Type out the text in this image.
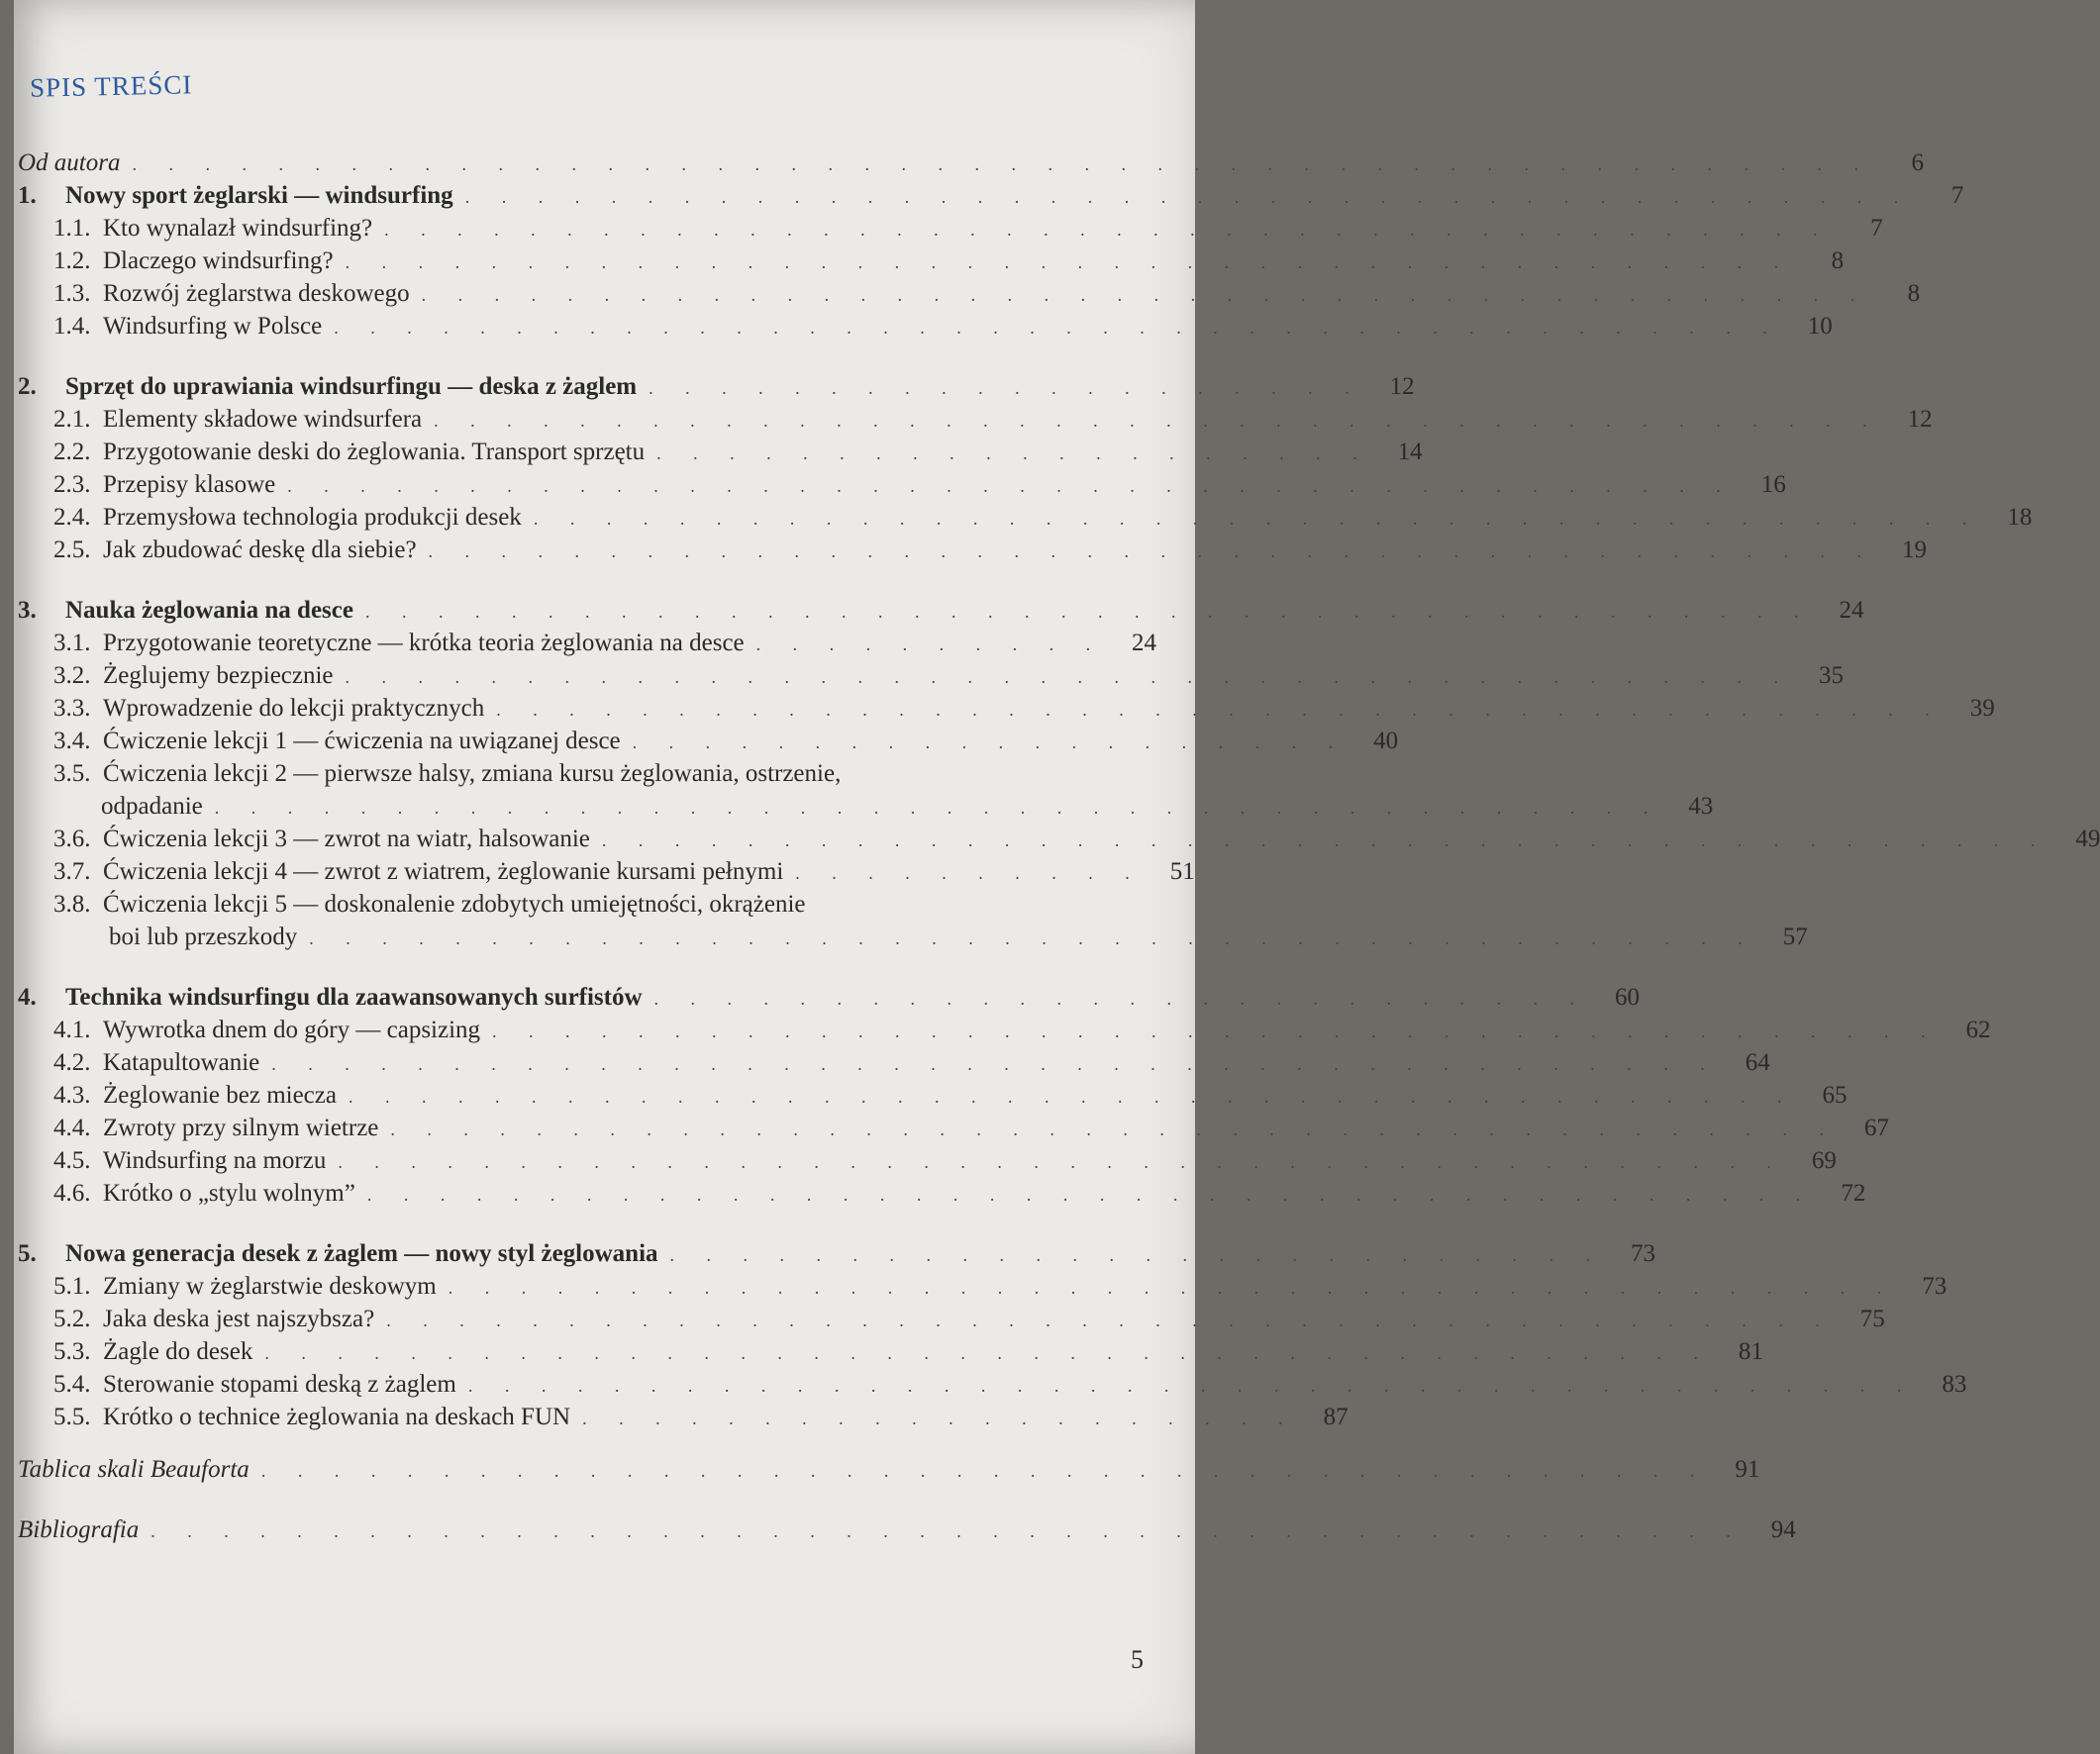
SPIS TREŚCI
Od autora . . . . . . . . . . . . . . . . . . . . . . . . . . . . . . . . . . . . . . . . . . . . . . . .	6
1.	Nowy sport żeglarski — windsurfing . . . . . . . . . . . . . . . . . . . . . . . . . . . . . . . . . . . . . . . .	7
1.1. Kto wynalazł windsurfing? . . . . . . . . . . . . . . . . . . . . . . . . . . . . . . . . . . . . . . . .	7
1.2. Dlaczego windsurfing? . . . . . . . . . . . . . . . . . . . . . . . . . . . . . . . . . . . . . . . .	8
1.3. Rozwój żeglarstwa deskowego . . . . . . . . . . . . . . . . . . . . . . . . . . . . . . . . . . . . . . . .	8
1.4. Windsurfing w Polsce . . . . . . . . . . . . . . . . . . . . . . . . . . . . . . . . . . . . . . . .	10
2.	Sprzęt do uprawiania windsurfingu — deska z żaglem . . . . . . . . . . . . . . . . . . . .	12
2.1. Elementy składowe windsurfera . . . . . . . . . . . . . . . . . . . . . . . . . . . . . . . . . . . . . . . .	12
2.2. Przygotowanie deski do żeglowania. Transport sprzętu . . . . . . . . . . . . . . . . . . . .	14
2.3. Przepisy klasowe . . . . . . . . . . . . . . . . . . . . . . . . . . . . . . . . . . . . . . . .	16
2.4. Przemysłowa technologia produkcji desek . . . . . . . . . . . . . . . . . . . . . . . . . . . . . . . . . . . . . . . .	18
2.5. Jak zbudować deskę dla siebie? . . . . . . . . . . . . . . . . . . . . . . . . . . . . . . . . . . . . . . . .	19
3.	Nauka żeglowania na desce . . . . . . . . . . . . . . . . . . . . . . . . . . . . . . . . . . . . . . . .	24
3.1. Przygotowanie teoretyczne — krótka teoria żeglowania na desce . . . . . . . . . .	24
3.2. Żeglujemy bezpiecznie . . . . . . . . . . . . . . . . . . . . . . . . . . . . . . . . . . . . . . . .	35
3.3. Wprowadzenie do lekcji praktycznych . . . . . . . . . . . . . . . . . . . . . . . . . . . . . . . . . . . . . . . .	39
3.4. Ćwiczenie lekcji 1 — ćwiczenia na uwiązanej desce . . . . . . . . . . . . . . . . . . . .	40
3.5. Ćwiczenia lekcji 2 — pierwsze halsy, zmiana kursu żeglowania, ostrzenie,
odpadanie . . . . . . . . . . . . . . . . . . . . . . . . . . . . . . . . . . . . . . . .	43
3.6. Ćwiczenia lekcji 3 — zwrot na wiatr, halsowanie . . . . . . . . . . . . . . . . . . . . . . . . . . . . . . . . . . . . . . . .	49
3.7. Ćwiczenia lekcji 4 — zwrot z wiatrem, żeglowanie kursami pełnymi . . . . . . . . . .	51
3.8. Ćwiczenia lekcji 5 — doskonalenie zdobytych umiejętności, okrążenie
boi lub przeszkody . . . . . . . . . . . . . . . . . . . . . . . . . . . . . . . . . . . . . . . .	57
4.	Technika windsurfingu dla zaawansowanych surfistów . . . . . . . . . . . . . . . . . . . . . . . . . .	60
4.1. Wywrotka dnem do góry — capsizing . . . . . . . . . . . . . . . . . . . . . . . . . . . . . . . . . . . . . . . .	62
4.2. Katapultowanie . . . . . . . . . . . . . . . . . . . . . . . . . . . . . . . . . . . . . . . .	64
4.3. Żeglowanie bez miecza . . . . . . . . . . . . . . . . . . . . . . . . . . . . . . . . . . . . . . . .	65
4.4. Zwroty przy silnym wietrze . . . . . . . . . . . . . . . . . . . . . . . . . . . . . . . . . . . . . . . .	67
4.5. Windsurfing na morzu . . . . . . . . . . . . . . . . . . . . . . . . . . . . . . . . . . . . . . . .	69
4.6. Krótko o „stylu wolnym” . . . . . . . . . . . . . . . . . . . . . . . . . . . . . . . . . . . . . . . .	72
5.	Nowa generacja desek z żaglem — nowy styl żeglowania . . . . . . . . . . . . . . . . . . . . . . . . . .	73
5.1. Zmiany w żeglarstwie deskowym . . . . . . . . . . . . . . . . . . . . . . . . . . . . . . . . . . . . . . . .	73
5.2. Jaka deska jest najszybsza? . . . . . . . . . . . . . . . . . . . . . . . . . . . . . . . . . . . . . . . .	75
5.3. Żagle do desek . . . . . . . . . . . . . . . . . . . . . . . . . . . . . . . . . . . . . . . .	81
5.4. Sterowanie stopami deską z żaglem . . . . . . . . . . . . . . . . . . . . . . . . . . . . . . . . . . . . . . . .	83
5.5. Krótko o technice żeglowania na deskach FUN . . . . . . . . . . . . . . . . . . . .	87
Tablica skali Beauforta . . . . . . . . . . . . . . . . . . . . . . . . . . . . . . . . . . . . . . . .	91
Bibliografia . . . . . . . . . . . . . . . . . . . . . . . . . . . . . . . . . . . . . . . . . . . .	94
5
